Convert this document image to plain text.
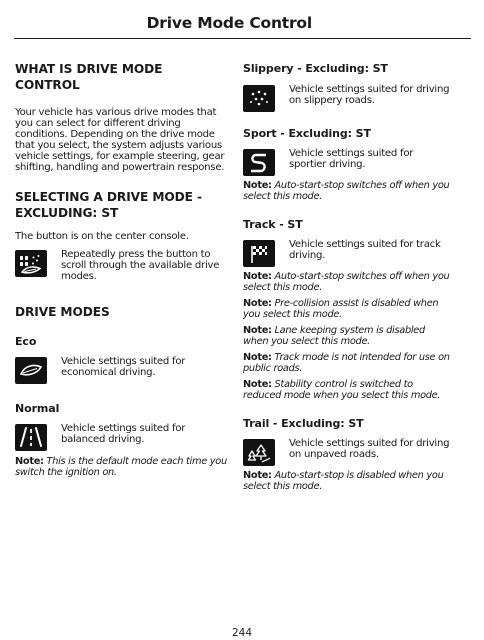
Drive Mode Control
WHAT IS DRIVE MODE CONTROL
Your vehicle has various drive modes that you can select for different driving conditions. Depending on the drive mode that you select, the system adjusts various vehicle settings, for example steering, gear shifting, handling and powertrain response.
SELECTING A DRIVE MODE - EXCLUDING: ST
The button is on the center console.
Repeatedly press the button to scroll through the available drive modes.
DRIVE MODES
Eco
Vehicle settings suited for economical driving.
Normal
Vehicle settings suited for balanced driving.
Note: This is the default mode each time you switch the ignition on.
Slippery - Excluding: ST
Vehicle settings suited for driving on slippery roads.
Sport - Excluding: ST
Vehicle settings suited for sportier driving.
Note: Auto-start-stop switches off when you select this mode.
Track - ST
Vehicle settings suited for track driving.
Note: Auto-start-stop switches off when you select this mode.
Note: Pre-collision assist is disabled when you select this mode.
Note: Lane keeping system is disabled when you select this mode.
Note: Track mode is not intended for use on public roads.
Note: Stability control is switched to reduced mode when you select this mode.
Trail - Excluding: ST
Vehicle settings suited for driving on unpaved roads.
Note: Auto-start-stop is disabled when you select this mode.
244
